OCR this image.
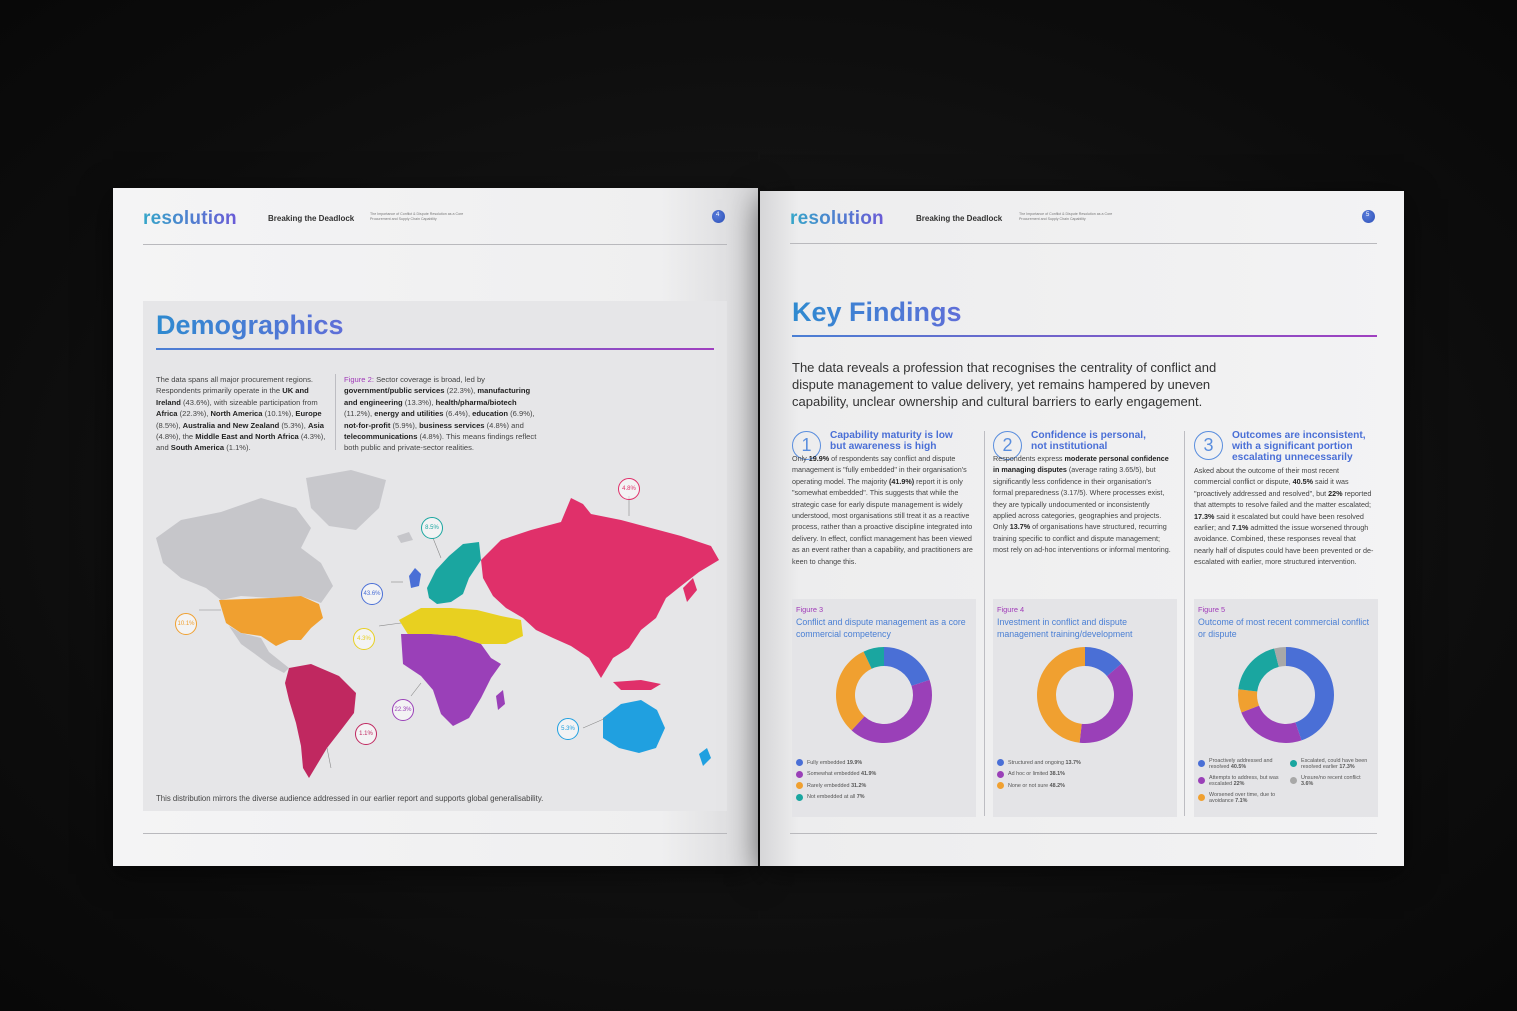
resolution	Breaking the Deadlock	The Importance of Conflict & Dispute Resolution as a Core Procurement and Supply Chain Capability
4
Demographics
The data spans all major procurement regions. Respondents primarily operate in the UK and Ireland (43.6%), with sizeable participation from Africa (22.3%), North America (10.1%), Europe (8.5%), Australia and New Zealand (5.3%), Asia (4.8%), the Middle East and North Africa (4.3%), and South America (1.1%).
Figure 2: Sector coverage is broad, led by government/public services (22.3%), manufacturing and engineering (13.3%), health/pharma/biotech (11.2%), energy and utilities (6.4%), education (6.9%), not-for-profit (5.9%), business services (4.8%) and telecommunications (4.8%). This means findings reflect both public and private-sector realities.
10.1%
43.6%
8.5%
4.8%
4.3%
22.3%
1.1%
5.3%
This distribution mirrors the diverse audience addressed in our earlier report and supports global generalisability.
resolution	Breaking the Deadlock	The Importance of Conflict & Dispute Resolution as a Core Procurement and Supply Chain Capability
5
Key Findings
The data reveals a profession that recognises the centrality of conflict and dispute management to value delivery, yet remains hampered by uneven capability, unclear ownership and cultural barriers to early engagement.
1	Capability maturity is low but awareness is high
Only 19.9% of respondents say conflict and dispute management is "fully embedded" in their organisation's operating model. The majority (41.9%) report it is only "somewhat embedded". This suggests that while the strategic case for early dispute management is widely understood, most organisations still treat it as a reactive process, rather than a proactive discipline integrated into delivery. In effect, conflict management has been viewed as an event rather than a capability, and practitioners are keen to change this.
2	Confidence is personal, not institutional
Respondents express moderate personal confidence in managing disputes (average rating 3.65/5), but significantly less confidence in their organisation's formal preparedness (3.17/5). Where processes exist, they are typically undocumented or inconsistently applied across categories, geographies and projects. Only 13.7% of organisations have structured, recurring training specific to conflict and dispute management; most rely on ad-hoc interventions or informal mentoring.
3	Outcomes are inconsistent, with a significant portion escalating unnecessarily
Asked about the outcome of their most recent commercial conflict or dispute, 40.5% said it was "proactively addressed and resolved", but 22% reported that attempts to resolve failed and the matter escalated; 17.3% said it escalated but could have been resolved earlier; and 7.1% admitted the issue worsened through avoidance. Combined, these responses reveal that nearly half of disputes could have been prevented or de-escalated with earlier, more structured intervention.
Figure 3
Conflict and dispute management as a core commercial competency
Fully embedded
19.9%
Somewhat embedded
41.9%
Rarely embedded
31.2%
Not embedded at all
7%
Figure 4
Investment in conflict and dispute management training/development
Structured and ongoing
13.7%
Ad hoc or limited
38.1%
None or not sure
48.2%
Figure 5
Outcome of most recent commercial conflict or dispute
Proactively addressed and resolved 40.5%
Attempts to address, but was escalated 22%
Worsened over time, due to avoidance 7.1%
Escalated, could have been resolved earlier 17.3%
Unsure/no recent conflict 3.6%
